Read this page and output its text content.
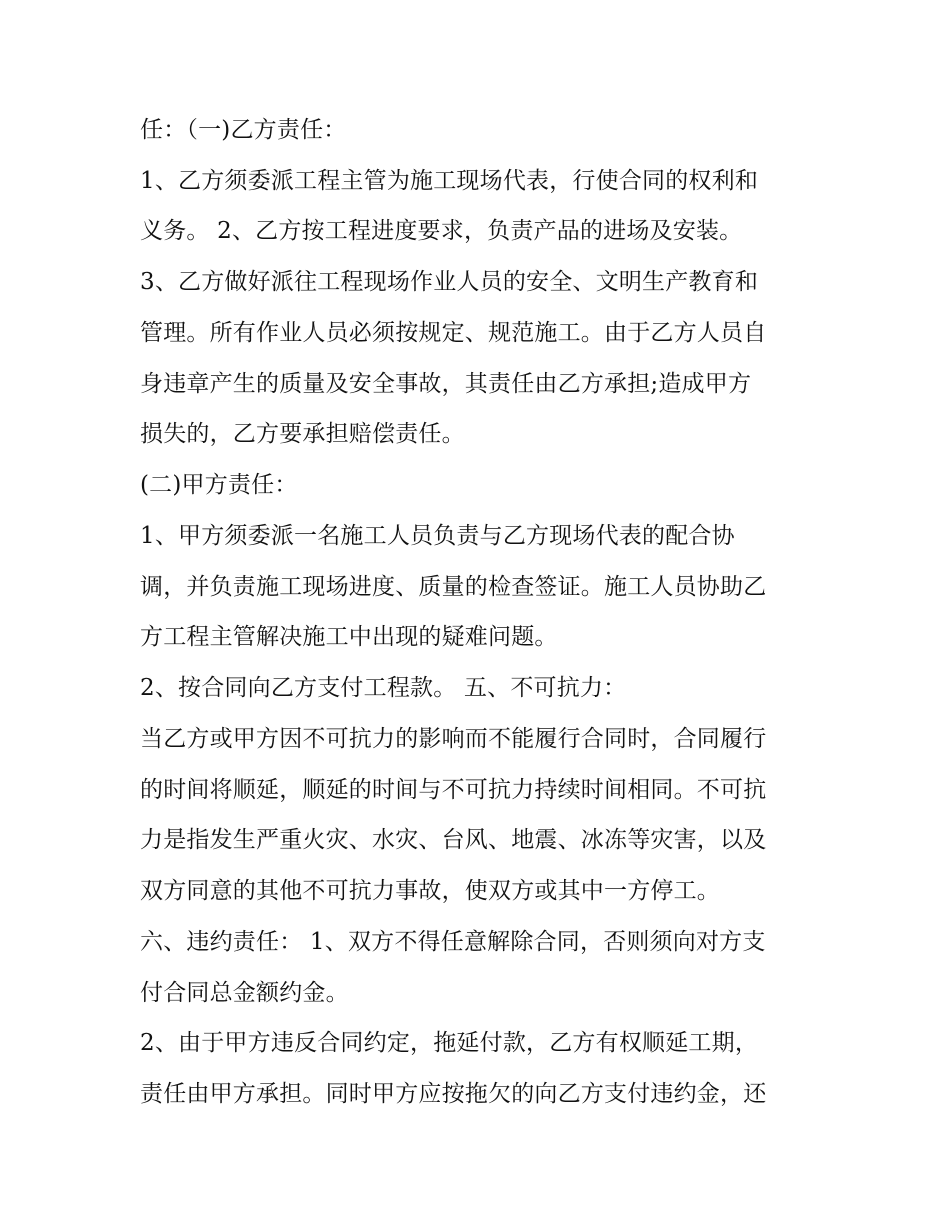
任：（一)乙方责任：
1、乙方须委派工程主管为施工现场代表，行使合同的权利和
义务。 2、乙方按工程进度要求，负责产品的进场及安装。
3、乙方做好派往工程现场作业人员的安全、文明生产教育和
管理。所有作业人员必须按规定、规范施工。由于乙方人员自
身违章产生的质量及安全事故，其责任由乙方承担;造成甲方
损失的，乙方要承担赔偿责任。
(二)甲方责任：
1、甲方须委派一名施工人员负责与乙方现场代表的配合协
调，并负责施工现场进度、质量的检查签证。施工人员协助乙
方工程主管解决施工中出现的疑难问题。
2、按合同向乙方支付工程款。 五、不可抗力：
当乙方或甲方因不可抗力的影响而不能履行合同时，合同履行
的时间将顺延，顺延的时间与不可抗力持续时间相同。不可抗
力是指发生严重火灾、水灾、台风、地震、冰冻等灾害，以及
双方同意的其他不可抗力事故，使双方或其中一方停工。
六、违约责任： 1、双方不得任意解除合同，否则须向对方支
付合同总金额约金。
2、由于甲方违反合同约定，拖延付款，乙方有权顺延工期，
责任由甲方承担。同时甲方应按拖欠的向乙方支付违约金，还
